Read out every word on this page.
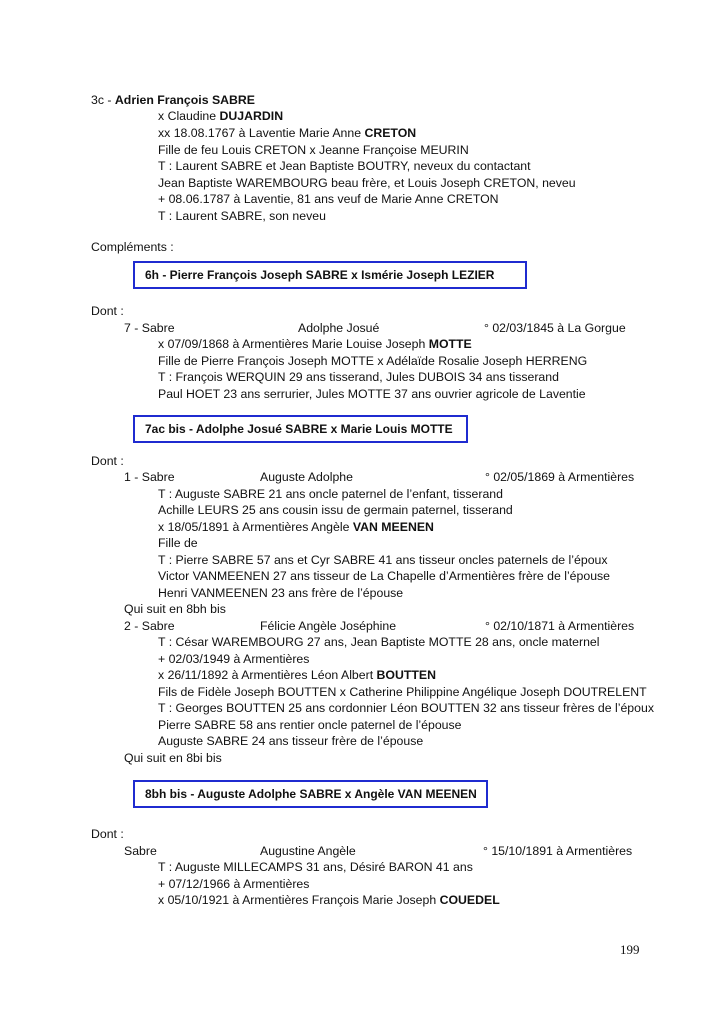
3c - Adrien François SABRE
x Claudine DUJARDIN
xx 18.08.1767 à Laventie Marie Anne CRETON
Fille de feu Louis CRETON x Jeanne Françoise MEURIN
T : Laurent SABRE et Jean Baptiste BOUTRY, neveux du contactant
Jean Baptiste WAREMBOURG beau frère, et Louis Joseph CRETON, neveu
+ 08.06.1787 à Laventie, 81 ans veuf de Marie Anne CRETON
T : Laurent SABRE, son neveu
Compléments :
6h - Pierre François Joseph SABRE x Ismérie Joseph LEZIER
Dont :
7 - Sabre	Adolphe Josué	° 02/03/1845 à La Gorgue
x 07/09/1868 à Armentières Marie Louise Joseph MOTTE
Fille de Pierre François Joseph MOTTE x Adélaïde Rosalie Joseph HERRENG
T : François WERQUIN 29 ans tisserand, Jules DUBOIS 34 ans tisserand
Paul HOET 23 ans serrurier, Jules MOTTE 37 ans ouvrier agricole de Laventie
7ac bis - Adolphe Josué SABRE x Marie Louis MOTTE
Dont :
1 - Sabre	Auguste Adolphe	° 02/05/1869 à Armentières
T : Auguste SABRE 21 ans oncle paternel de l’enfant, tisserand
Achille LEURS 25 ans cousin issu de germain paternel, tisserand
x 18/05/1891 à Armentières Angèle VAN MEENEN
Fille de
T : Pierre SABRE 57 ans et Cyr SABRE 41 ans tisseur oncles paternels de l’époux
Victor VANMEENEN 27 ans tisseur de La Chapelle d’Armentières frère de l’épouse
Henri VANMEENEN 23 ans frère de l’épouse
Qui suit en 8bh bis
2 - Sabre	Félicie Angèle Joséphine	° 02/10/1871 à Armentières
T : César WAREMBOURG 27 ans, Jean Baptiste MOTTE 28 ans, oncle maternel
+ 02/03/1949 à Armentières
x 26/11/1892 à Armentières Léon Albert BOUTTEN
Fils de Fidèle Joseph BOUTTEN x Catherine Philippine Angélique Joseph DOUTRELENT
T : Georges BOUTTEN 25 ans cordonnier Léon BOUTTEN 32 ans tisseur frères de l’époux
Pierre SABRE 58 ans rentier oncle paternel de l’épouse
Auguste SABRE 24 ans tisseur frère de l’épouse
Qui suit en 8bi bis
8bh bis - Auguste Adolphe SABRE x Angèle VAN MEENEN
Dont :
Sabre	Augustine Angèle	° 15/10/1891 à Armentières
T : Auguste MILLECAMPS 31 ans, Désiré BARON 41 ans
+ 07/12/1966 à Armentières
x 05/10/1921 à Armentières François Marie Joseph COUEDEL
199
